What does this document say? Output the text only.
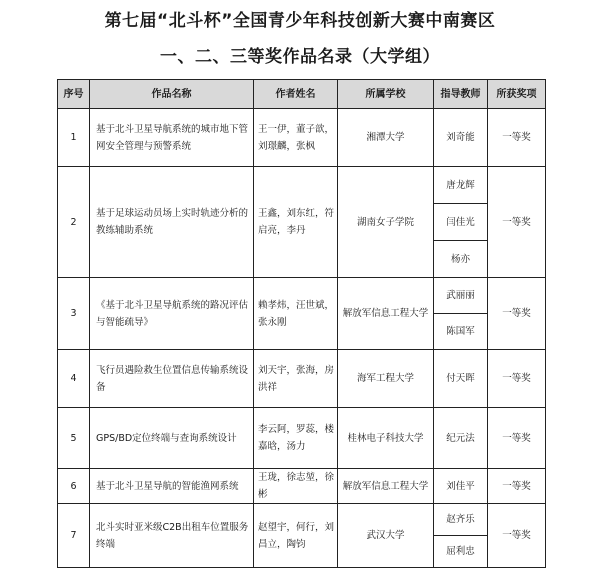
第七届“北斗杯”全国青少年科技创新大赛中南赛区
一、二、三等奖作品名录（大学组）
序号	作品名称	作者姓名	所属学校	指导教师	所获奖项
1	基于北斗卫星导航系统的城市地下管网安全管理与预警系统	王一伊，董子歆，刘璟麟，张枫	湘潭大学	刘奇能	一等奖
2	基于足球运动员场上实时轨迹分析的教练辅助系统	王鑫，刘东红，符启亮，李丹	湖南女子学院	唐龙辉	一等奖
				闫佳光	
				杨亦	
3	《基于北斗卫星导航系统的路况评估与智能疏导》	赖孝炜，汪世斌，张永刚	解放军信息工程大学	武丽丽	一等奖
				陈国军	
4	飞行员遇险救生位置信息传输系统设备	刘天宇，张海，房洪祥	海军工程大学	付天晖	一等奖
5	GPS/BD定位终端与查询系统设计	李云阿，罗蕊，楼嘉晗，汤力	桂林电子科技大学	纪元法	一等奖
6	基于北斗卫星导航的智能渔网系统	王珑，徐志堃，徐彬	解放军信息工程大学	刘佳平	一等奖
7	北斗实时亚米级C2B出租车位置服务终端	赵望宇，何行，刘昌立，陶钧	武汉大学	赵齐乐	一等奖
				屈利忠	
